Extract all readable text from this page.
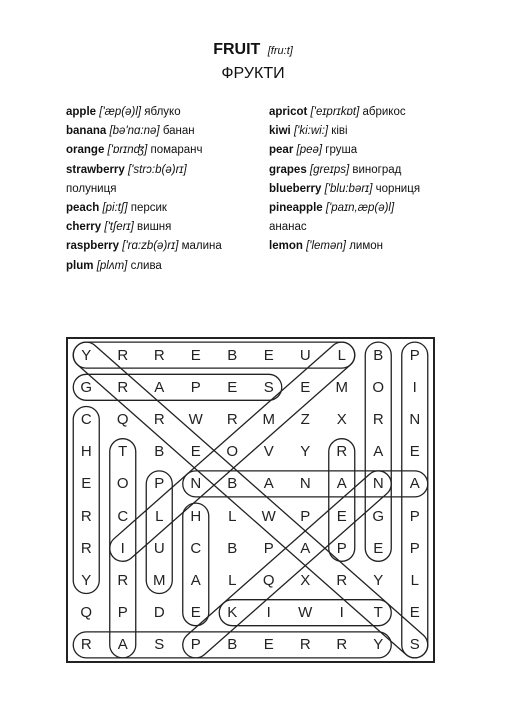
FRUIT [fru:t]
ФРУКТИ
apple ['æp(ə)l] яблуко
banana [bə'nɑ:nə] банан
orange ['ɒrɪnʤ] помаранч
strawberry ['strɔ:b(ə)rɪ]
полуниця
peach [pi:tʃ] персик
cherry ['tʃerɪ] вишня
raspberry ['rɑ:zb(ə)rɪ] малина
plum [plʌm] слива
apricot ['eɪprɪkɒt] абрикос
kiwi ['ki:wi:] ківі
pear [peə] груша
grapes [greɪps] виноград
blueberry ['blu:bərɪ] чорниця
pineapple ['paɪn,æp(ə)l]
ананас
lemon ['lemən] лимон
Y	R	R	E	B	E	U	L	B	P
G	R	A	P	E	S	E	M	O	I
C	Q	R	W	R	M	Z	X	R	N
H	T	B	E	O	V	Y	R	A	E
E	O	P	N	B	A	N	A	N	A
R	C	L	H	L	W	P	E	G	P
R	I	U	C	B	P	A	P	E	P
Y	R	M	A	L	Q	X	R	Y	L
Q	P	D	E	K	I	W	I	T	E
R	A	S	P	B	E	R	R	Y	S
